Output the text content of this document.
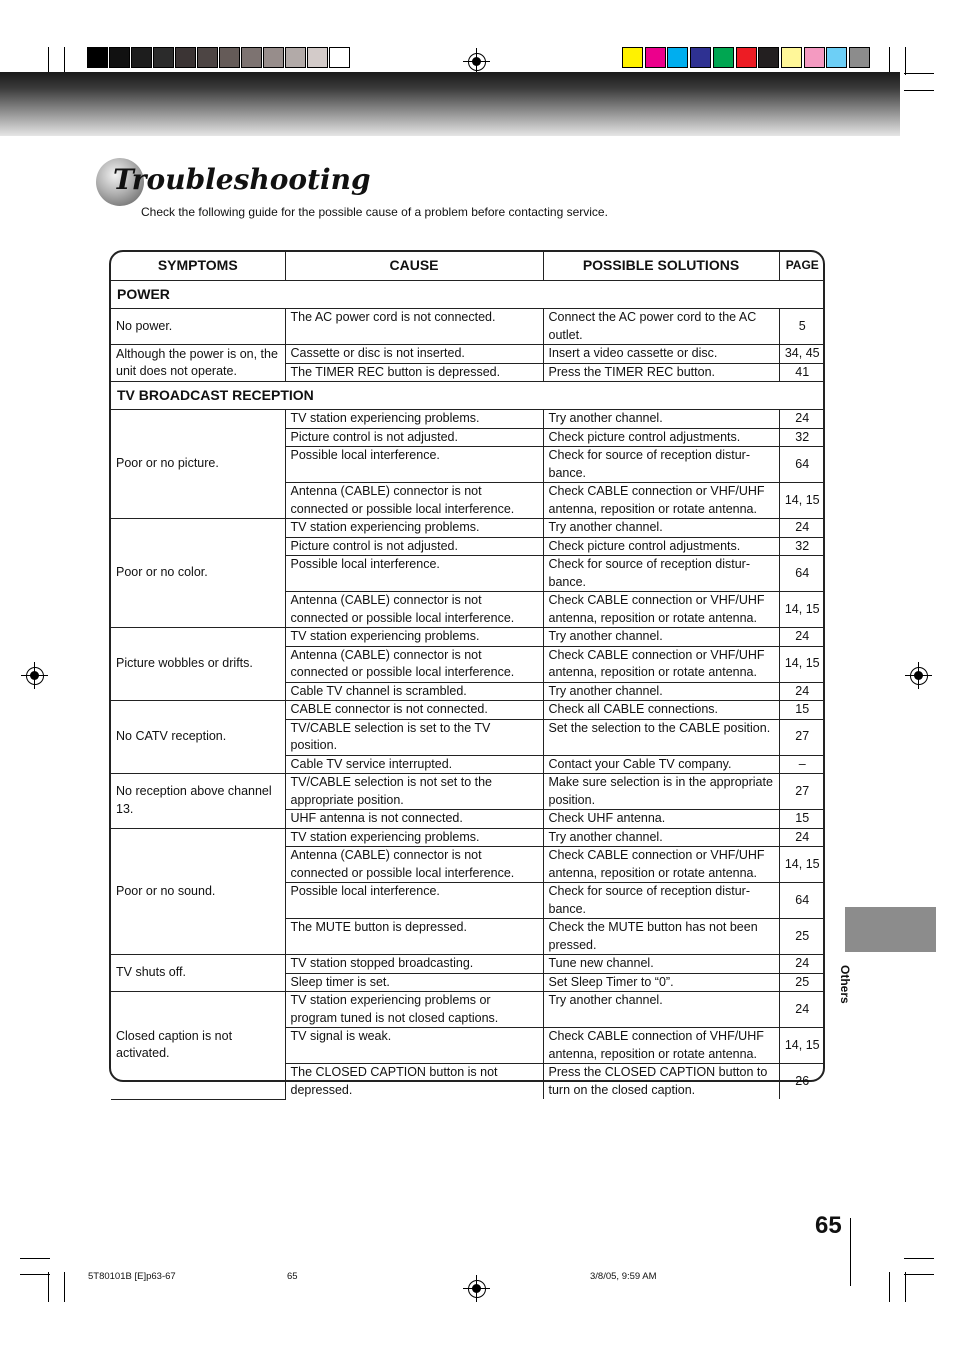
Troubleshooting
Check the following guide for the possible cause of a problem before contacting service.
SYMPTOMS	CAUSE	POSSIBLE SOLUTIONS	PAGE
POWER			
No power.	The AC power cord is not connected.	Connect the AC power cord to the AC outlet.	5
Although the power is on, the unit does not operate.	Cassette or disc is not inserted.	Insert a video cassette or disc.	34, 45
	The TIMER REC button is depressed.	Press the TIMER REC button.	41
TV BROADCAST RECEPTION			
Poor or no picture.	TV station experiencing problems.	Try another channel.	24
	Picture control is not adjusted.	Check picture control adjustments.	32
	Possible local interference.	Check for source of reception distur- bance.	64
	Antenna (CABLE) connector is not connected or possible local interference.	Check CABLE connection or VHF/UHF antenna, reposition or rotate antenna.	14, 15
Poor or no color.	TV station experiencing problems.	Try another channel.	24
	Picture control is not adjusted.	Check picture control adjustments.	32
	Possible local interference.	Check for source of reception distur- bance.	64
	Antenna (CABLE) connector is not connected or possible local interference.	Check CABLE connection or VHF/UHF antenna, reposition or rotate antenna.	14, 15
Picture wobbles or drifts.	TV station experiencing problems.	Try another channel.	24
	Antenna (CABLE) connector is not connected or possible local interference.	Check CABLE connection or VHF/UHF antenna, reposition or rotate antenna.	14, 15
	Cable TV channel is scrambled.	Try another channel.	24
No CATV reception.	CABLE connector is not connected.	Check all CABLE connections.	15
	TV/CABLE selection is set to the TV position.	Set the selection to the CABLE position.	27
	Cable TV service interrupted.	Contact your Cable TV company.	–
No reception above channel 13.	TV/CABLE selection is not set to the appropriate position.	Make sure selection is in the appropriate position.	27
	UHF antenna is not connected.	Check UHF antenna.	15
Poor or no sound.	TV station experiencing problems.	Try another channel.	24
	Antenna (CABLE) connector is not connected or possible local interference.	Check CABLE connection or VHF/UHF antenna, reposition or rotate antenna.	14, 15
	Possible local interference.	Check for source of reception distur- bance.	64
	The MUTE button is depressed.	Check the MUTE button has not been pressed.	25
TV shuts off.	TV station stopped broadcasting.	Tune new channel.	24
	Sleep timer is set.	Set Sleep Timer to “0”.	25
Closed caption is not activated.	TV station experiencing problems or program tuned is not closed captions.	Try another channel.	24
	TV signal is weak.	Check CABLE connection of VHF/UHF antenna, reposition or rotate antenna.	14, 15
	The CLOSED CAPTION button is not depressed.	Press the CLOSED CAPTION button to turn on the closed caption.	26
Others
65
5T80101B [E]p63-67	65	3/8/05, 9:59 AM
